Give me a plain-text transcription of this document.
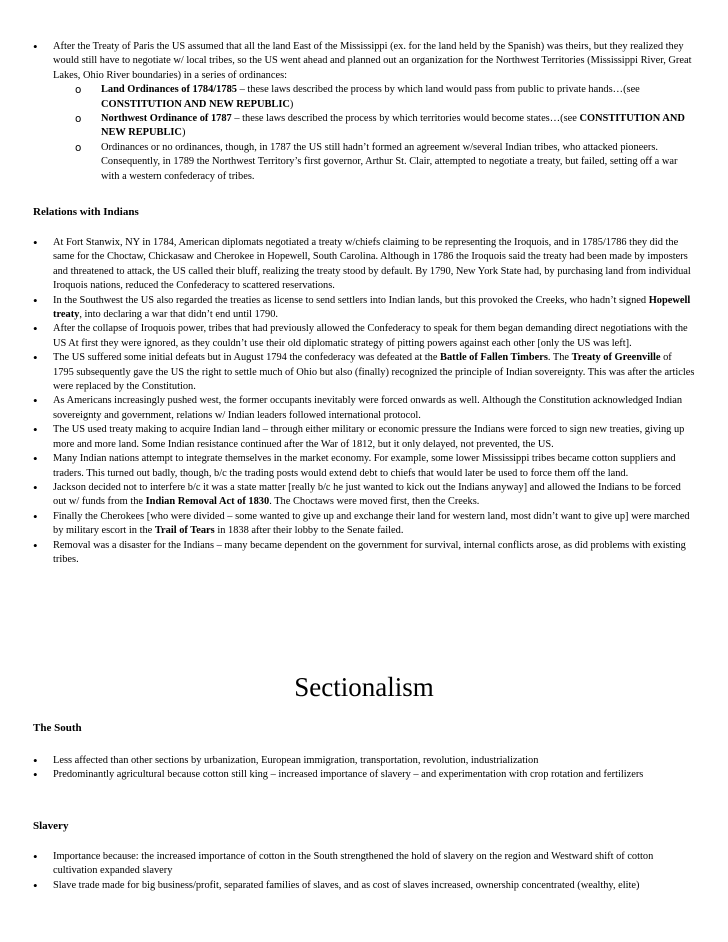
• After the Treaty of Paris the US assumed that all the land East of the Mississippi (ex. for the land held by the Spanish) was theirs, but they realized they would still have to negotiate w/ local tribes, so the US went ahead and planned out an organization for the Northwest Territories (Mississippi River, Great Lakes, Ohio River boundaries) in a series of ordinances:
o Land Ordinances of 1784/1785 – these laws described the process by which land would pass from public to private hands…(see CONSTITUTION AND NEW REPUBLIC)
o Northwest Ordinance of 1787 – these laws described the process by which territories would become states…(see CONSTITUTION AND NEW REPUBLIC)
o Ordinances or no ordinances, though, in 1787 the US still hadn’t formed an agreement w/several Indian tribes, who attacked pioneers. Consequently, in 1789 the Northwest Territory’s first governor, Arthur St. Clair, attempted to negotiate a treaty, but failed, setting off a war with a western confederacy of tribes.
Relations with Indians
• At Fort Stanwix, NY in 1784, American diplomats negotiated a treaty w/chiefs claiming to be representing the Iroquois, and in 1785/1786 they did the same for the Choctaw, Chickasaw and Cherokee in Hopewell, South Carolina. Although in 1786 the Iroquois said the treaty had been made by imposters and threatened to attack, the US called their bluff, realizing the treaty stood by default. By 1790, New York State had, by purchasing land from individual Iroquois nations, reduced the Confederacy to scattered reservations.
• In the Southwest the US also regarded the treaties as license to send settlers into Indian lands, but this provoked the Creeks, who hadn’t signed Hopewell treaty, into declaring a war that didn’t end until 1790.
• After the collapse of Iroquois power, tribes that had previously allowed the Confederacy to speak for them began demanding direct negotiations with the US At first they were ignored, as they couldn’t use their old diplomatic strategy of pitting powers against each other [only the US was left].
• The US suffered some initial defeats but in August 1794 the confederacy was defeated at the Battle of Fallen Timbers. The Treaty of Greenville of 1795 subsequently gave the US the right to settle much of Ohio but also (finally) recognized the principle of Indian sovereignty. This was after the articles were replaced by the Constitution.
• As Americans increasingly pushed west, the former occupants inevitably were forced onwards as well. Although the Constitution acknowledged Indian sovereignty and government, relations w/ Indian leaders followed international protocol.
• The US used treaty making to acquire Indian land – through either military or economic pressure the Indians were forced to sign new treaties, giving up more and more land. Some Indian resistance continued after the War of 1812, but it only delayed, not prevented, the US.
• Many Indian nations attempt to integrate themselves in the market economy. For example, some lower Mississippi tribes became cotton suppliers and traders. This turned out badly, though, b/c the trading posts would extend debt to chiefs that would later be used to force them off the land.
• Jackson decided not to interfere b/c it was a state matter [really b/c he just wanted to kick out the Indians anyway] and allowed the Indians to be forced out w/ funds from the Indian Removal Act of 1830. The Choctaws were moved first, then the Creeks.
• Finally the Cherokees [who were divided – some wanted to give up and exchange their land for western land, most didn’t want to give up] were marched by military escort in the Trail of Tears in 1838 after their lobby to the Senate failed.
• Removal was a disaster for the Indians – many became dependent on the government for survival, internal conflicts arose, as did problems with existing tribes.
Sectionalism
The South
• Less affected than other sections by urbanization, European immigration, transportation, revolution, industrialization
• Predominantly agricultural because cotton still king – increased importance of slavery – and experimentation with crop rotation and fertilizers
Slavery
• Importance because: the increased importance of cotton in the South strengthened the hold of slavery on the region and Westward shift of cotton cultivation expanded slavery
• Slave trade made for big business/profit, separated families of slaves, and as cost of slaves increased, ownership concentrated (wealthy, elite)
